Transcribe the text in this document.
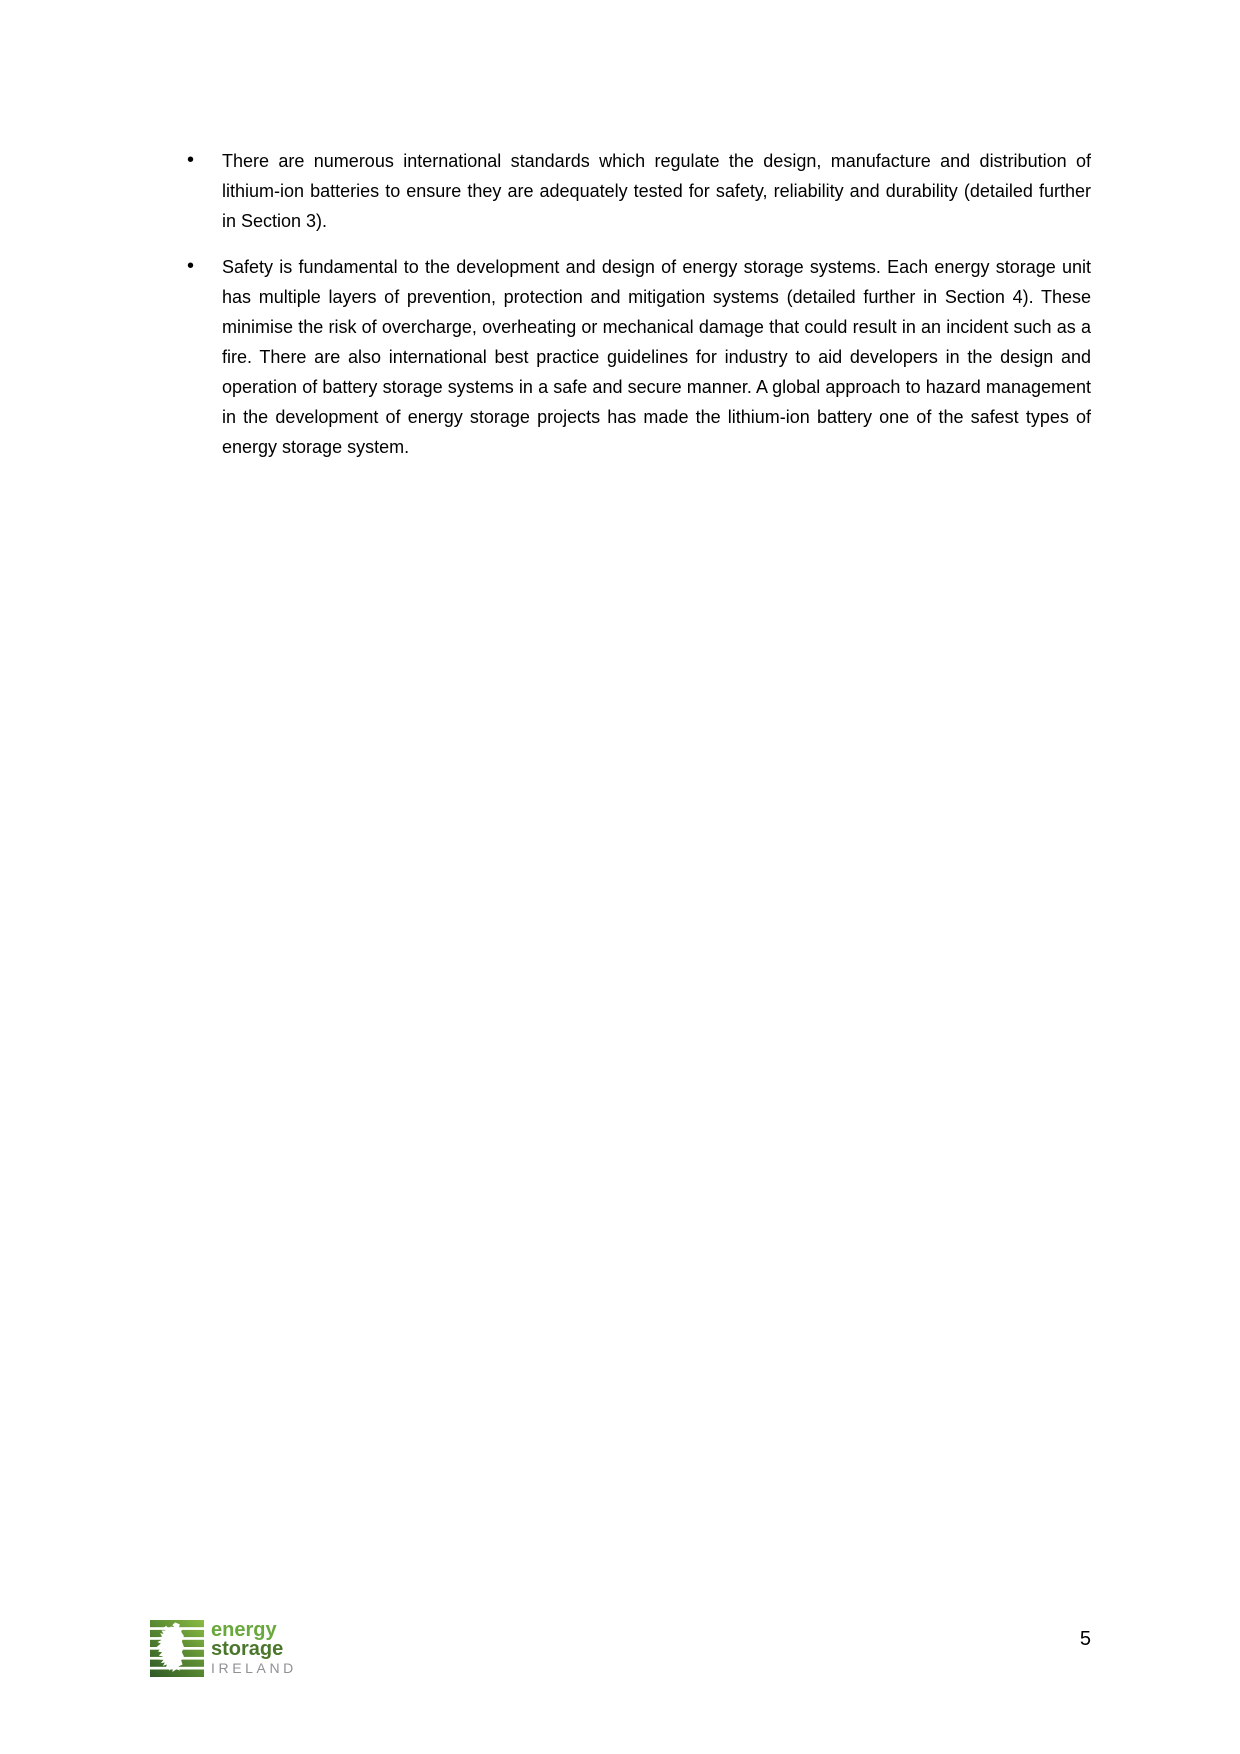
• There are numerous international standards which regulate the design, manufacture and distribution of lithium-ion batteries to ensure they are adequately tested for safety, reliability and durability (detailed further in Section 3).
• Safety is fundamental to the development and design of energy storage systems. Each energy storage unit has multiple layers of prevention, protection and mitigation systems (detailed further in Section 4). These minimise the risk of overcharge, overheating or mechanical damage that could result in an incident such as a fire. There are also international best practice guidelines for industry to aid developers in the design and operation of battery storage systems in a safe and secure manner. A global approach to hazard management in the development of energy storage projects has made the lithium-ion battery one of the safest types of energy storage system.
energy
storage
IRELAND
5
